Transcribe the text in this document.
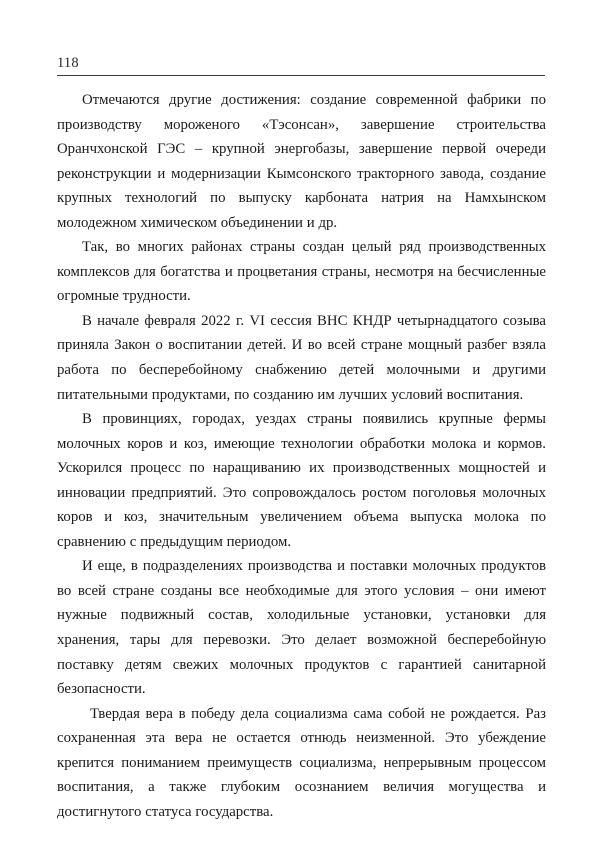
118

Отмечаются другие достижения: создание современной фабрики по производству мороженого «Тэсонсан», завершение строительства Оранчхонской ГЭС – крупной энергобазы, завершение первой очереди реконструкции и модернизации Кымсонского тракторного завода, создание крупных технологий по выпуску карбоната натрия на Намхынском молодежном химическом объединении и др.

Так, во многих районах страны создан целый ряд производственных комплексов для богатства и процветания страны, несмотря на бесчисленные огромные трудности.

В начале февраля 2022 г. VI сессия ВНС КНДР четырнадцатого созыва приняла Закон о воспитании детей. И во всей стране мощный разбег взяла работа по бесперебойному снабжению детей молочными и другими питательными продуктами, по созданию им лучших условий воспитания.

В провинциях, городах, уездах страны появились крупные фермы молочных коров и коз, имеющие технологии обработки молока и кормов. Ускорился процесс по наращиванию их производственных мощностей и инновации предприятий. Это сопровождалось ростом поголовья молочных коров и коз, значительным увеличением объема выпуска молока по сравнению с предыдущим периодом.

И еще, в подразделениях производства и поставки молочных продуктов во всей стране созданы все необходимые для этого условия – они имеют нужные подвижный состав, холодильные установки, установки для хранения, тары для перевозки. Это делает возможной бесперебойную поставку детям свежих молочных продуктов с гарантией санитарной безопасности.

Твердая вера в победу дела социализма сама собой не рождается. Раз сохраненная эта вера не остается отнюдь неизменной. Это убеждение крепится пониманием преимуществ социализма, непрерывным процессом воспитания, а также глубоким осознанием величия могущества и достигнутого статуса государства.
